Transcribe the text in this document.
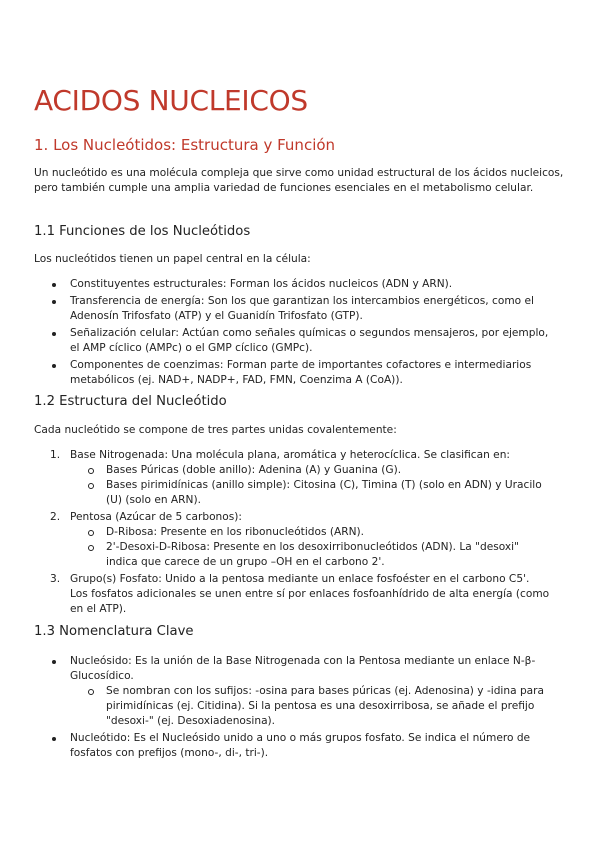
ACIDOS NUCLEICOS
1. Los Nucleótidos: Estructura y Función

Un nucleótido es una molécula compleja que sirve como unidad estructural de los ácidos nucleicos, pero también cumple una amplia variedad de funciones esenciales en el metabolismo celular.

1.1 Funciones de los Nucleótidos

Los nucleótidos tienen un papel central en la célula:

Constituyentes estructurales: Forman los ácidos nucleicos (ADN y ARN).
Transferencia de energía: Son los que garantizan los intercambios energéticos, como el Adenosín Trifosfato (ATP) y el Guanidín Trifosfato (GTP).
Señalización celular: Actúan como señales químicas o segundos mensajeros, por ejemplo, el AMP cíclico (AMPc) o el GMP cíclico (GMPc).
Componentes de coenzimas: Forman parte de importantes cofactores e intermediarios metabólicos (ej. NAD+, NADP+, FAD, FMN, Coenzima A (CoA)).
1.2 Estructura del Nucleótido

Cada nucleótido se compone de tres partes unidas covalentemente:

1. Base Nitrogenada: Una molécula plana, aromática y heterocíclica. Se clasifican en:
Bases Púricas (doble anillo): Adenina (A) y Guanina (G).
Bases pirimidínicas (anillo simple): Citosina (C), Timina (T) (solo en ADN) y Uracilo (U) (solo en ARN).
2. Pentosa (Azúcar de 5 carbonos):
D-Ribosa: Presente en los ribonucleótidos (ARN).
2'-Desoxi-D-Ribosa: Presente en los desoxirribonucleótidos (ADN). La "desoxi" indica que carece de un grupo –OH en el carbono 2'.
3. Grupo(s) Fosfato: Unido a la pentosa mediante un enlace fosfoéster en el carbono C5'. Los fosfatos adicionales se unen entre sí por enlaces fosfoanhídrido de alta energía (como en el ATP).
1.3 Nomenclatura Clave
Nucleósido: Es la unión de la Base Nitrogenada con la Pentosa mediante un enlace N-β-Glucosídico.
Se nombran con los sufijos: -osina para bases púricas (ej. Adenosina) y -idina para pirimidínicas (ej. Citidina). Si la pentosa es una desoxirribosa, se añade el prefijo "desoxi-" (ej. Desoxiadenosina).
Nucleótido: Es el Nucleósido unido a uno o más grupos fosfato. Se indica el número de fosfatos con prefijos (mono-, di-, tri-).
